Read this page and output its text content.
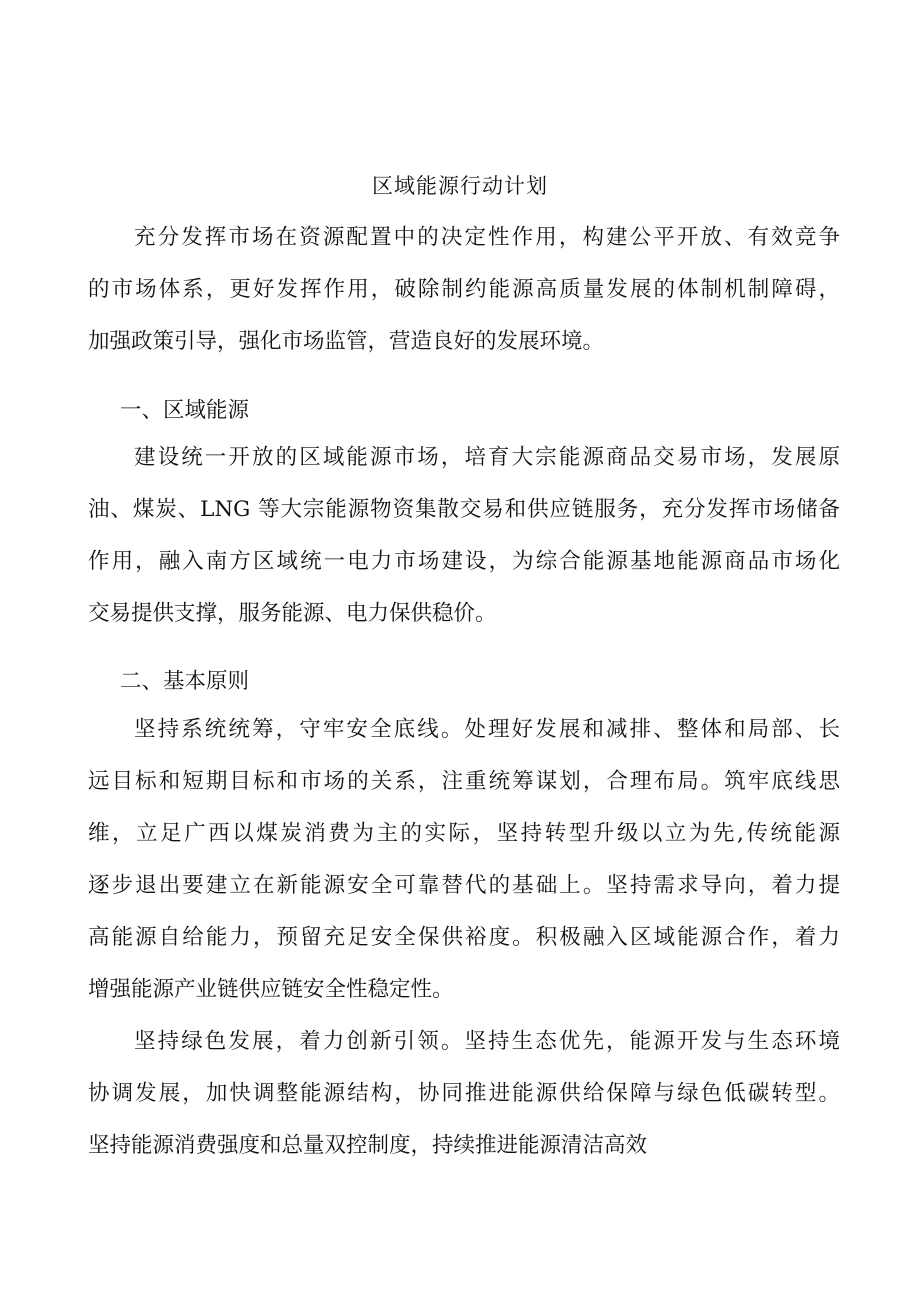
区域能源行动计划

充分发挥市场在资源配置中的决定性作用，构建公平开放、有效竞争
的市场体系，更好发挥作用，破除制约能源高质量发展的体制机制障碍，
加强政策引导，强化市场监管，营造良好的发展环境。

一、区域能源

建设统一开放的区域能源市场，培育大宗能源商品交易市场，发展原
油、煤炭、LNG 等大宗能源物资集散交易和供应链服务，充分发挥市场储备
作用，融入南方区域统一电力市场建设，为综合能源基地能源商品市场化
交易提供支撑，服务能源、电力保供稳价。

二、基本原则

坚持系统统筹，守牢安全底线。处理好发展和减排、整体和局部、长
远目标和短期目标和市场的关系，注重统筹谋划，合理布局。筑牢底线思
维，立足广西以煤炭消费为主的实际，坚持转型升级以立为先,传统能源
逐步退出要建立在新能源安全可靠替代的基础上。坚持需求导向，着力提
高能源自给能力，预留充足安全保供裕度。积极融入区域能源合作，着力
增强能源产业链供应链安全性稳定性。

坚持绿色发展，着力创新引领。坚持生态优先，能源开发与生态环境
协调发展，加快调整能源结构，协同推进能源供给保障与绿色低碳转型。
坚持能源消费强度和总量双控制度，持续推进能源清洁高效
